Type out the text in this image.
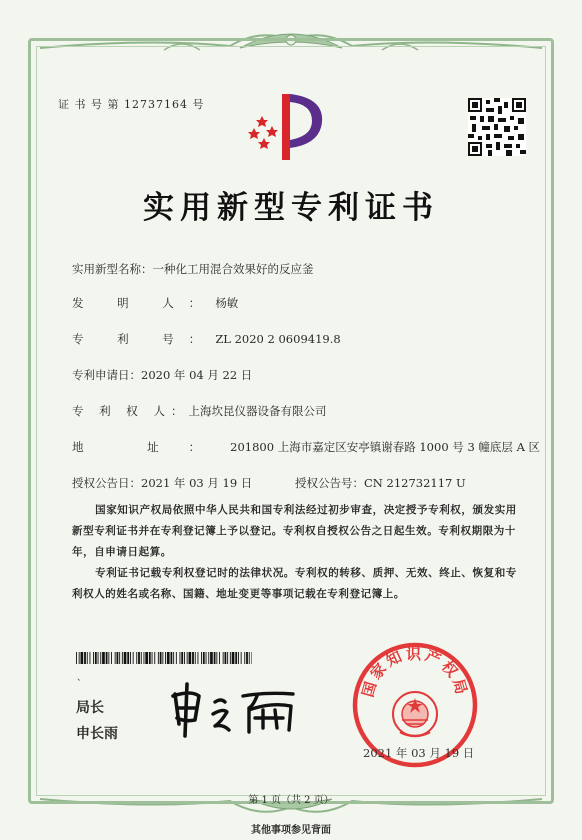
证 书 号 第 12737164 号
实用新型专利证书
实用新型名称：一种化工用混合效果好的反应釜
发 明 人：杨敏
专 利 号：ZL 2020 2 0609419.8
专利申请日：2020 年 04 月 22 日
专 利 权 人：上海坎昆仪器设备有限公司
地 址：201800 上海市嘉定区安亭镇谢春路 1000 号 3 幢底层 A 区
授权公告日：2021 年 03 月 19 日	授权公告号：CN 212732117 U
国家知识产权局依照中华人民共和国专利法经过初步审查，决定授予专利权，颁发实用新型专利证书并在专利登记簿上予以登记。专利权自授权公告之日起生效。专利权期限为十年，自申请日起算。
专利证书记载专利权登记时的法律状况。专利权的转移、质押、无效、终止、恢复和专利权人的姓名或名称、国籍、地址变更等事项记载在专利登记簿上。
、
局长
申长雨
国家知识产权局
2021 年 03 月 19 日
第 1 页（共 2 页）
其他事项参见背面
